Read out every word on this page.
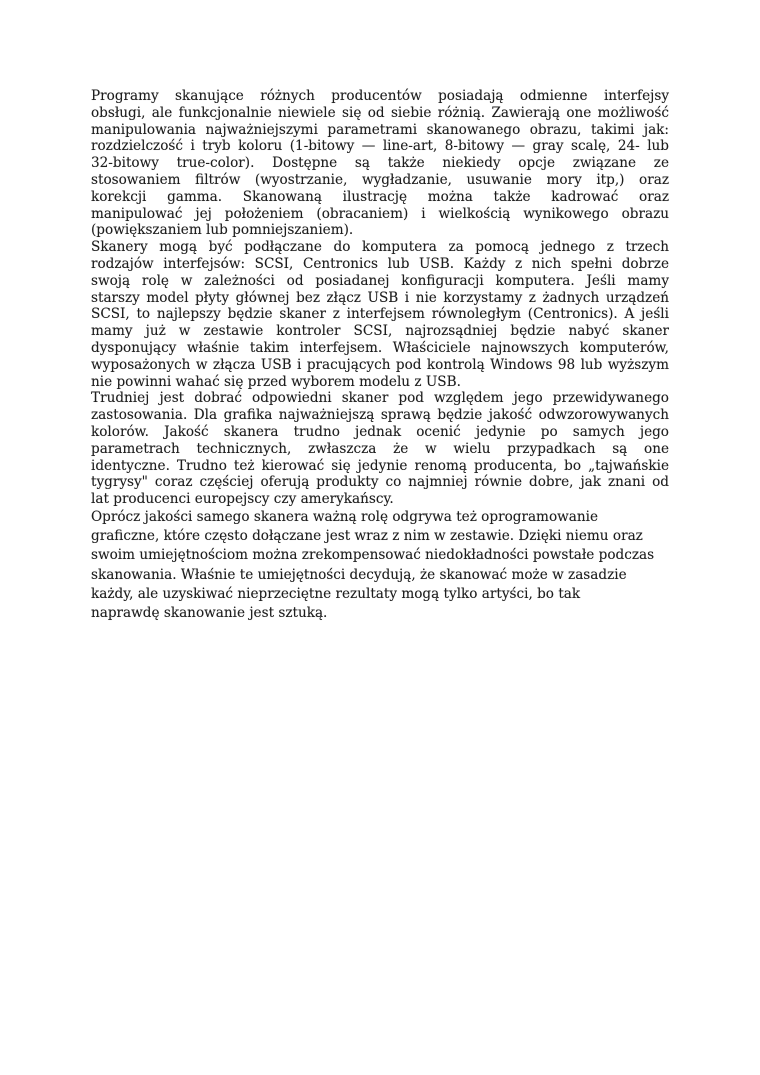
Programy skanujące różnych producentów posiadają odmienne interfejsy
obsługi, ale funkcjonalnie niewiele się od siebie różnią. Zawierają one możliwość
manipulowania najważniejszymi parametrami skanowanego obrazu, takimi jak:
rozdzielczość i tryb koloru (1-bitowy — line-art, 8-bitowy — gray scalę, 24- lub
32-bitowy true-color). Dostępne są także niekiedy opcje związane ze
stosowaniem filtrów (wyostrzanie, wygładzanie, usuwanie mory itp,) oraz
korekcji gamma. Skanowaną ilustrację można także kadrować oraz
manipulować jej położeniem (obracaniem) i wielkością wynikowego obrazu
(powiększaniem lub pomniejszaniem).
Skanery mogą być podłączane do komputera za pomocą jednego z trzech
rodzajów interfejsów: SCSI, Centronics lub USB. Każdy z nich spełni dobrze
swoją rolę w zależności od posiadanej konfiguracji komputera. Jeśli mamy
starszy model płyty głównej bez złącz USB i nie korzystamy z żadnych urządzeń
SCSI, to najlepszy będzie skaner z interfejsem równoległym (Centronics). A jeśli
mamy już w zestawie kontroler SCSI, najrozsądniej będzie nabyć skaner
dysponujący właśnie takim interfejsem. Właściciele najnowszych komputerów,
wyposażonych w złącza USB i pracujących pod kontrolą Windows 98 lub wyższym
nie powinni wahać się przed wyborem modelu z USB.
Trudniej jest dobrać odpowiedni skaner pod względem jego przewidywanego
zastosowania. Dla grafika najważniejszą sprawą będzie jakość odwzorowywanych
kolorów. Jakość skanera trudno jednak ocenić jedynie po samych jego
parametrach technicznych, zwłaszcza że w wielu przypadkach są one
identyczne. Trudno też kierować się jedynie renomą producenta, bo „tajwańskie
tygrysy" coraz częściej oferują produkty co najmniej równie dobre, jak znani od
lat producenci europejscy czy amerykańscy.
Oprócz jakości samego skanera ważną rolę odgrywa też oprogramowanie
graficzne, które często dołączane jest wraz z nim w zestawie. Dzięki niemu oraz
swoim umiejętnościom można zrekompensować niedokładności powstałe podczas
skanowania. Właśnie te umiejętności decydują, że skanować może w zasadzie
każdy, ale uzyskiwać nieprzeciętne rezultaty mogą tylko artyści, bo tak
naprawdę skanowanie jest sztuką.
